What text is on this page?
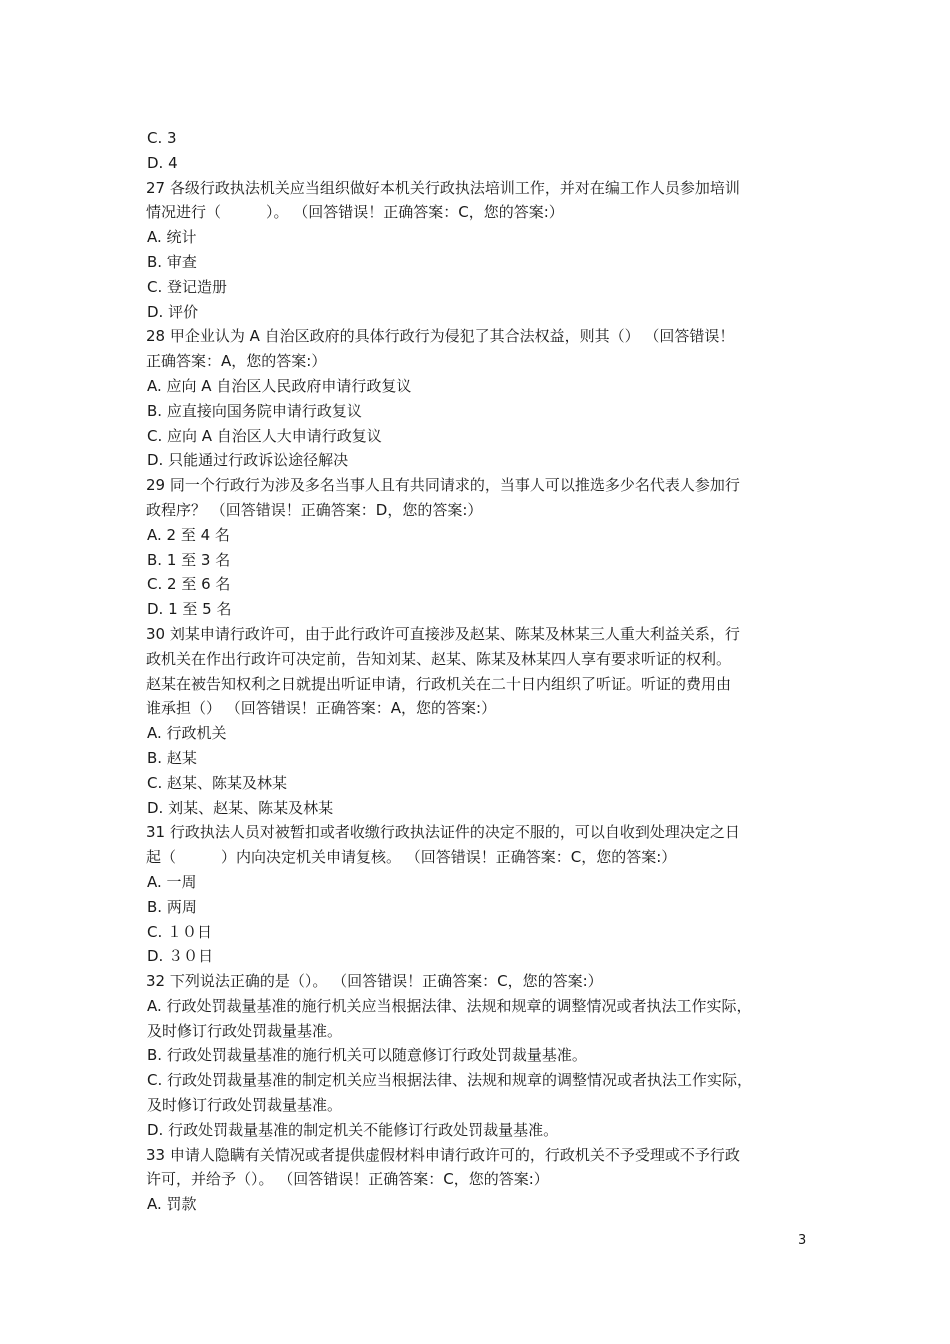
C. 3
D. 4
27 各级行政执法机关应当组织做好本机关行政执法培训工作，并对在编工作人员参加培训
情况进行（　　　）。 （回答错误！正确答案：C，您的答案:）
A. 统计
B. 审查
C. 登记造册
D. 评价
28 甲企业认为 A 自治区政府的具体行政行为侵犯了其合法权益，则其（） （回答错误！
正确答案：A，您的答案:）
A. 应向 A 自治区人民政府申请行政复议
B. 应直接向国务院申请行政复议
C. 应向 A 自治区人大申请行政复议
D. 只能通过行政诉讼途径解决
29 同一个行政行为涉及多名当事人且有共同请求的，当事人可以推选多少名代表人参加行
政程序？ （回答错误！正确答案：D，您的答案:）
A. 2 至 4 名
B. 1 至 3 名
C. 2 至 6 名
D. 1 至 5 名
30 刘某申请行政许可，由于此行政许可直接涉及赵某、陈某及林某三人重大利益关系，行
政机关在作出行政许可决定前，告知刘某、赵某、陈某及林某四人享有要求听证的权利。
赵某在被告知权利之日就提出听证申请，行政机关在二十日内组织了听证。听证的费用由
谁承担（） （回答错误！正确答案：A，您的答案:）
A. 行政机关
B. 赵某
C. 赵某、陈某及林某
D. 刘某、赵某、陈某及林某
31 行政执法人员对被暂扣或者收缴行政执法证件的决定不服的，可以自收到处理决定之日
起（　　　）内向决定机关申请复核。 （回答错误！正确答案：C，您的答案:）
A. 一周
B. 两周
C. １０日
D. ３０日
32 下列说法正确的是（）。 （回答错误！正确答案：C，您的答案:）
A. 行政处罚裁量基准的施行机关应当根据法律、法规和规章的调整情况或者执法工作实际，
及时修订行政处罚裁量基准。
B. 行政处罚裁量基准的施行机关可以随意修订行政处罚裁量基准。
C. 行政处罚裁量基准的制定机关应当根据法律、法规和规章的调整情况或者执法工作实际，
及时修订行政处罚裁量基准。
D. 行政处罚裁量基准的制定机关不能修订行政处罚裁量基准。
33 申请人隐瞒有关情况或者提供虚假材料申请行政许可的，行政机关不予受理或不予行政
许可，并给予（）。 （回答错误！正确答案：C，您的答案:）
A. 罚款
3
